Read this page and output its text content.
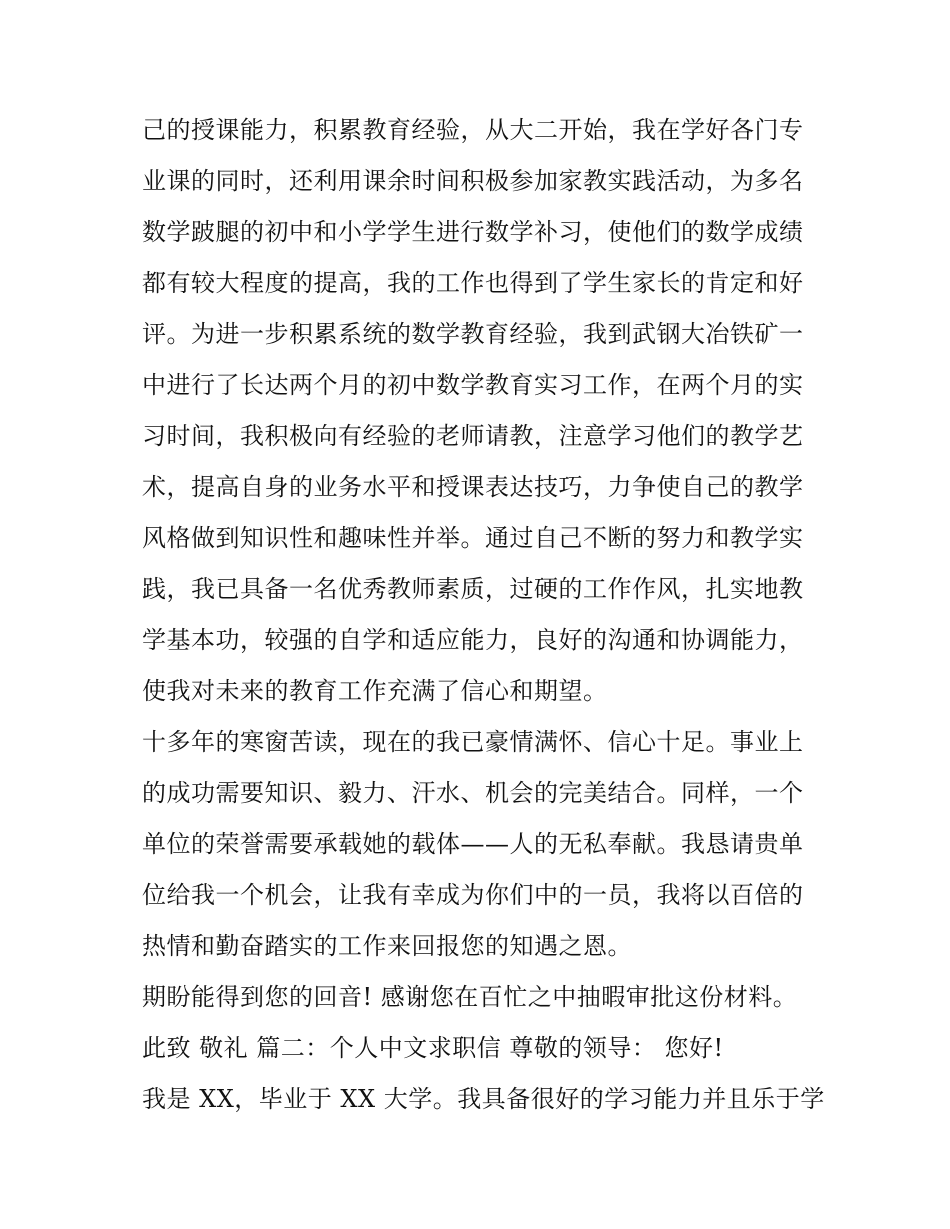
己的授课能力，积累教育经验，从大二开始，我在学好各门专
业课的同时，还利用课余时间积极参加家教实践活动，为多名
数学跛腿的初中和小学学生进行数学补习，使他们的数学成绩
都有较大程度的提高，我的工作也得到了学生家长的肯定和好
评。为进一步积累系统的数学教育经验，我到武钢大冶铁矿一
中进行了长达两个月的初中数学教育实习工作，在两个月的实
习时间，我积极向有经验的老师请教，注意学习他们的教学艺
术，提高自身的业务水平和授课表达技巧，力争使自己的教学
风格做到知识性和趣味性并举。通过自己不断的努力和教学实
践，我已具备一名优秀教师素质，过硬的工作作风，扎实地教
学基本功，较强的自学和适应能力，良好的沟通和协调能力，
使我对未来的教育工作充满了信心和期望。
十多年的寒窗苦读，现在的我已豪情满怀、信心十足。事业上
的成功需要知识、毅力、汗水、机会的完美结合。同样，一个
单位的荣誉需要承载她的载体——人的无私奉献。我恳请贵单
位给我一个机会，让我有幸成为你们中的一员，我将以百倍的
热情和勤奋踏实的工作来回报您的知遇之恩。
期盼能得到您的回音! 感谢您在百忙之中抽暇审批这份材料。
此致 敬礼 篇二：个人中文求职信 尊敬的领导： 您好!
我是 XX，毕业于 XX 大学。我具备很好的学习能力并且乐于学
